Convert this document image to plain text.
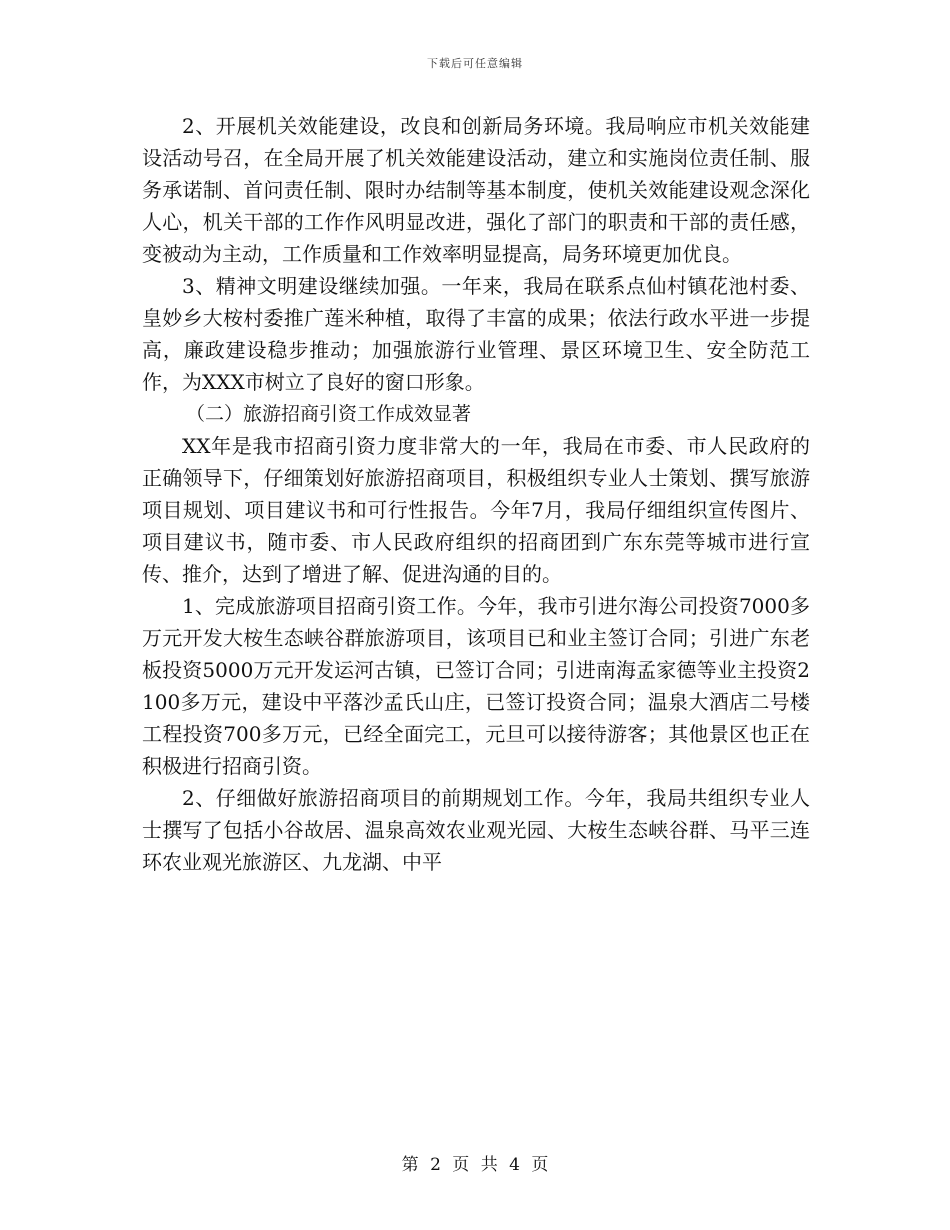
下载后可任意编辑

2、开展机关效能建设，改良和创新局务环境。我局响应市机关效能建设活动号召，在全局开展了机关效能建设活动，建立和实施岗位责任制、服务承诺制、首问责任制、限时办结制等基本制度，使机关效能建设观念深化人心，机关干部的工作作风明显改进，强化了部门的职责和干部的责任感，变被动为主动，工作质量和工作效率明显提高，局务环境更加优良。

3、精神文明建设继续加强。一年来，我局在联系点仙村镇花池村委、皇妙乡大桉村委推广莲米种植，取得了丰富的成果；依法行政水平进一步提高，廉政建设稳步推动；加强旅游行业管理、景区环境卫生、安全防范工作，为XXX市树立了良好的窗口形象。

（二）旅游招商引资工作成效显著

XX年是我市招商引资力度非常大的一年，我局在市委、市人民政府的正确领导下，仔细策划好旅游招商项目，积极组织专业人士策划、撰写旅游项目规划、项目建议书和可行性报告。今年7月，我局仔细组织宣传图片、项目建议书，随市委、市人民政府组织的招商团到广东东莞等城市进行宣传、推介，达到了增进了解、促进沟通的目的。

1、完成旅游项目招商引资工作。今年，我市引进尔海公司投资7000多万元开发大桉生态峡谷群旅游项目，该项目已和业主签订合同；引进广东老板投资5000万元开发运河古镇，已签订合同；引进南海孟家德等业主投资2100多万元，建设中平落沙孟氏山庄，已签订投资合同；温泉大酒店二号楼工程投资700多万元，已经全面完工，元旦可以接待游客；其他景区也正在积极进行招商引资。

2、仔细做好旅游招商项目的前期规划工作。今年，我局共组织专业人士撰写了包括小谷故居、温泉高效农业观光园、大桉生态峡谷群、马平三连环农业观光旅游区、九龙湖、中平

第 2 页 共 4 页
